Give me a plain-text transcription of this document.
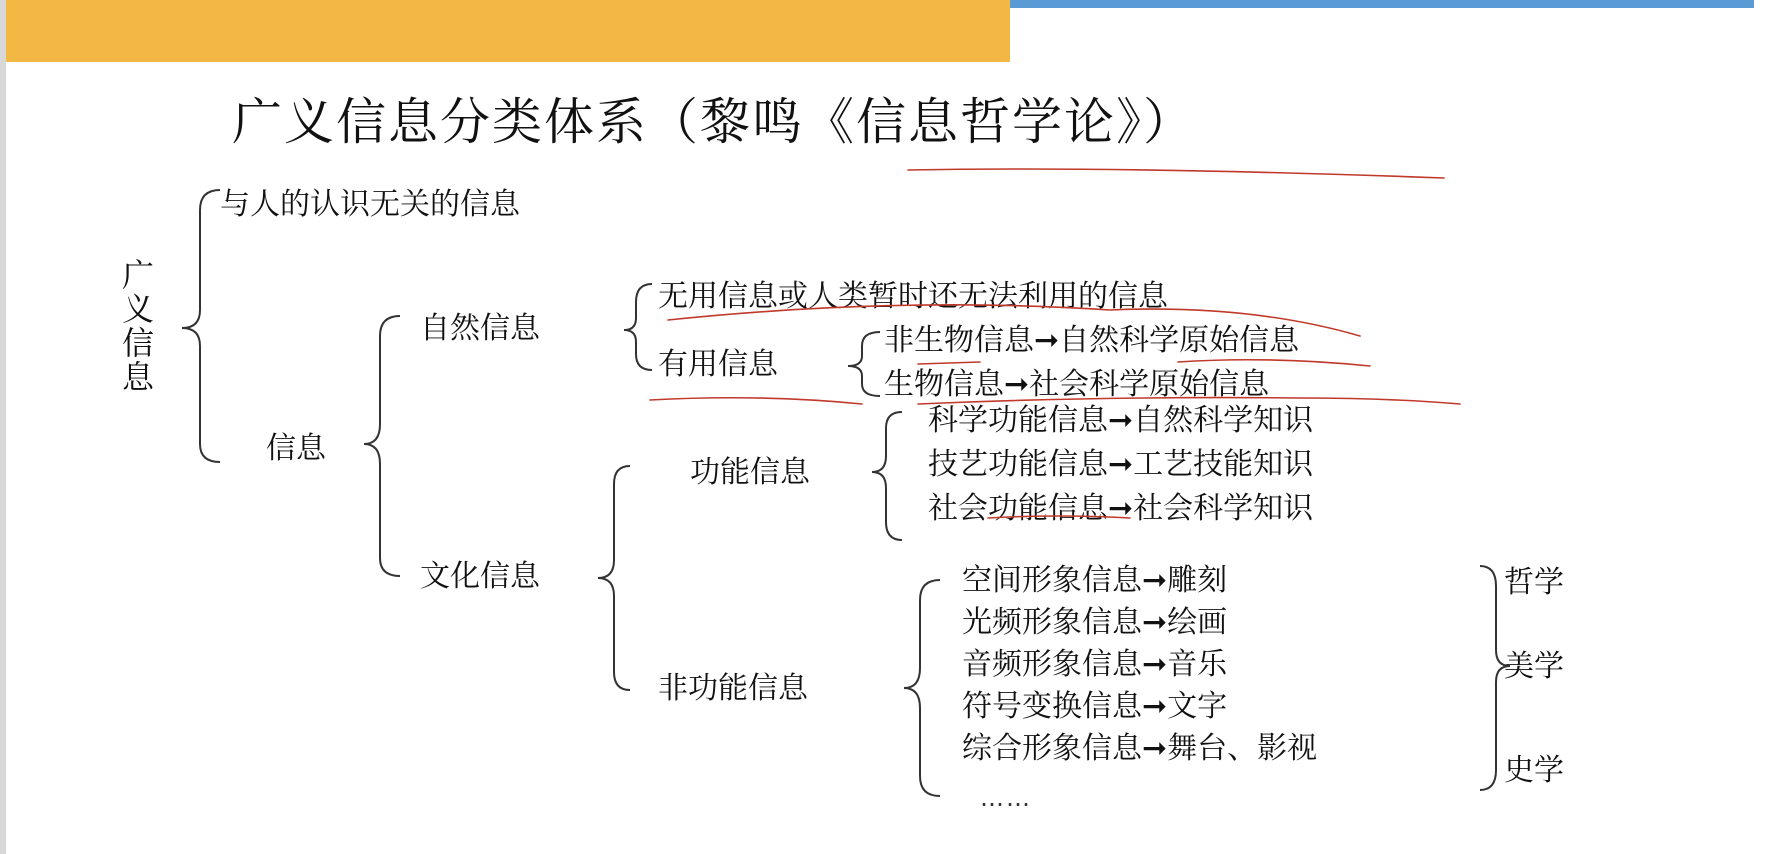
广义信息分类体系（黎鸣《信息哲学论》）
广义信息
与人的认识无关的信息
信息
自然信息
无用信息或人类暂时还无法利用的信息
有用信息
非生物信息➞自然科学原始信息
生物信息➞社会科学原始信息
文化信息
功能信息
科学功能信息➞自然科学知识
技艺功能信息➞工艺技能知识
社会功能信息➞社会科学知识
非功能信息
空间形象信息➞雕刻
光频形象信息➞绘画
音频形象信息➞音乐
符号变换信息➞文字
综合形象信息➞舞台、影视
……
哲学
美学
史学
